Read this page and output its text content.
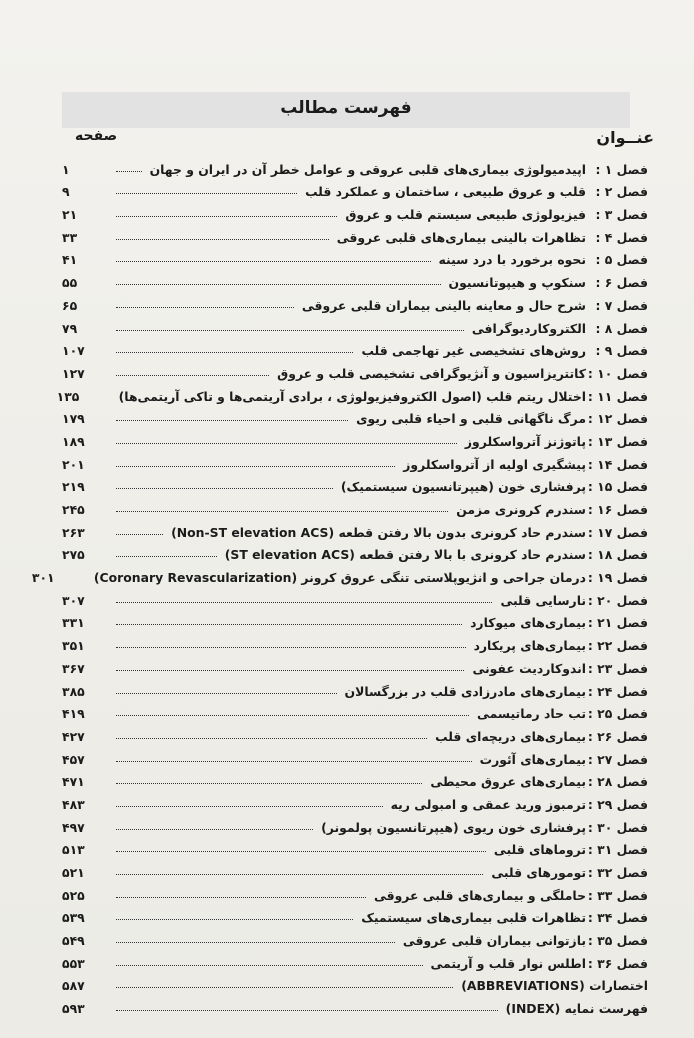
فهرست مطالب
عنــوان
صفحه
فصل ۱ :
اپیدمیولوژی بیماری‌های قلبی عروقی و عوامل خطر آن در ایران و جهان
۱
فصل ۲ :
قلب و عروق طبیعی ، ساختمان و عملکرد قلب
۹
فصل ۳ :
فیزیولوژی طبیعی سیستم قلب و عروق
۲۱
فصل ۴ :
تظاهرات بالینی بیماری‌های قلبی عروقی
۳۳
فصل ۵ :
نحوه برخورد با درد سینه
۴۱
فصل ۶ :
سنکوپ و هیپوتانسیون
۵۵
فصل ۷ :
شرح حال و معاینه بالینی بیماران قلبی عروقی
۶۵
فصل ۸ :
الکتروکاردیوگرافی
۷۹
فصل ۹ :
روش‌های تشخیصی غیر تهاجمی قلب
۱۰۷
فصل ۱۰ :
کاتتریزاسیون و آنژیوگرافی تشخیصی قلب و عروق
۱۲۷
فصل ۱۱ :
اختلال ریتم قلب (اصول الکتروفیزیولوژی ، برادی آریتمی‌ها و تاکی آریتمی‌ها)
۱۳۵
فصل ۱۲ :
مرگ ناگهانی قلبی و احیاء قلبی ریوی
۱۷۹
فصل ۱۳ :
پاتوژنز آترواسکلروز
۱۸۹
فصل ۱۴ :
پیشگیری اولیه از آترواسکلروز
۲۰۱
فصل ۱۵ :
پرفشاری خون (هیپرتانسیون سیستمیک)
۲۱۹
فصل ۱۶ :
سندرم کرونری مزمن
۲۴۵
فصل ۱۷ :
سندرم حاد کرونری بدون بالا رفتن قطعه (Non-ST elevation ACS)
۲۶۳
فصل ۱۸ :
سندرم حاد کرونری با بالا رفتن قطعه (ST elevation ACS)
۲۷۵
فصل ۱۹ :
درمان جراحی و انژیوپلاستی تنگی عروق کرونر (Coronary Revascularization)
۳۰۱
فصل ۲۰ :
نارسایی قلبی
۳۰۷
فصل ۲۱ :
بیماری‌های میوکارد
۳۳۱
فصل ۲۲ :
بیماری‌های پریکارد
۳۵۱
فصل ۲۳ :
اندوکاردیت عفونی
۳۶۷
فصل ۲۴ :
بیماری‌های مادرزادی قلب در بزرگسالان
۳۸۵
فصل ۲۵ :
تب حاد رماتیسمی
۴۱۹
فصل ۲۶ :
بیماری‌های دریچه‌ای قلب
۴۲۷
فصل ۲۷ :
بیماری‌های آئورت
۴۵۷
فصل ۲۸ :
بیماری‌های عروق محیطی
۴۷۱
فصل ۲۹ :
ترمبوز ورید عمقی و امبولی ریه
۴۸۳
فصل ۳۰ :
پرفشاری خون ریوی (هیپرتانسیون پولمونر)
۴۹۷
فصل ۳۱ :
تروماهای قلبی
۵۱۳
فصل ۳۲ :
تومورهای قلبی
۵۲۱
فصل ۳۳ :
حاملگی و بیماری‌های قلبی عروقی
۵۲۵
فصل ۳۴ :
تظاهرات قلبی بیماری‌های سیستمیک
۵۳۹
فصل ۳۵ :
بازتوانی بیماران قلبی عروقی
۵۴۹
فصل ۳۶ :
اطلس نوار قلب و آریتمی
۵۵۳
اختصارات (ABBREVIATIONS)
۵۸۷
فهرست نمایه (INDEX)
۵۹۳
